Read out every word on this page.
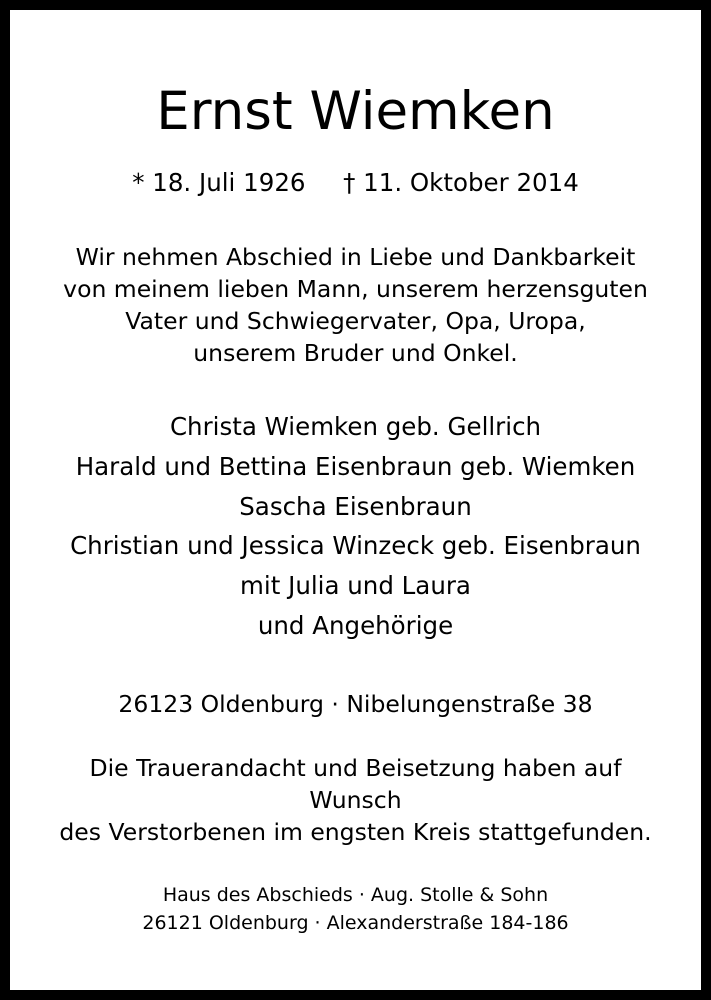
Ernst Wiemken
* 18. Juli 1926 † 11. Oktober 2014
Wir nehmen Abschied in Liebe und Dankbarkeit
von meinem lieben Mann, unserem herzensguten
Vater und Schwiegervater, Opa, Uropa,
unserem Bruder und Onkel.
Christa Wiemken geb. Gellrich
Harald und Bettina Eisenbraun geb. Wiemken
Sascha Eisenbraun
Christian und Jessica Winzeck geb. Eisenbraun
mit Julia und Laura
und Angehörige
26123 Oldenburg · Nibelungenstraße 38
Die Trauerandacht und Beisetzung haben auf Wunsch
des Verstorbenen im engsten Kreis stattgefunden.
Haus des Abschieds · Aug. Stolle & Sohn
26121 Oldenburg · Alexanderstraße 184-186
